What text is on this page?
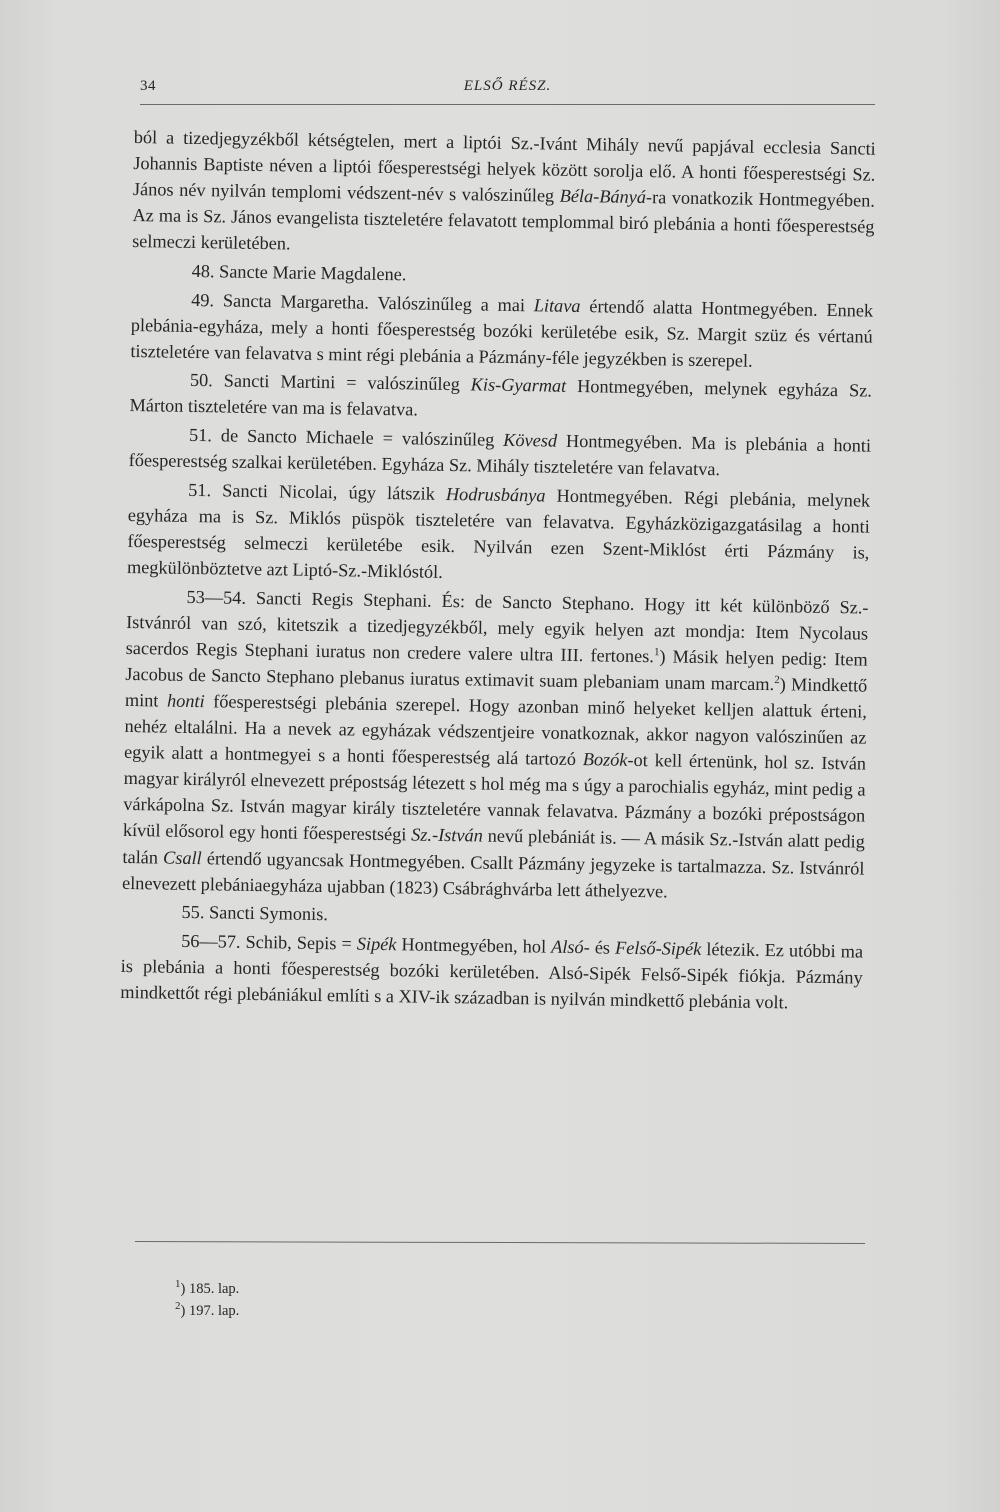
34	ELSŐ RÉSZ.

ból a tizedjegyzékből kétségtelen, mert a liptói Sz.-Ivánt Mihály nevű papjával ecclesia Sancti Johannis Baptiste néven a liptói főesperestségi helyek között sorolja elő. A honti főesperestségi Sz. János név nyilván templomi védszent-név s valószinűleg Béla-Bányá-ra vonatkozik Hontmegyében. Az ma is Sz. János evangelista tiszteletére felavatott templommal biró plebánia a honti főesperestség selmeczi kerületében.

48. Sancte Marie Magdalene.

49. Sancta Margaretha. Valószinűleg a mai Litava értendő alatta Hontmegyében. Ennek plebánia-egyháza, mely a honti főesperestség bozóki kerületébe esik, Sz. Margit szüz és vértanú tiszteletére van felavatva s mint régi plebánia a Pázmány-féle jegyzékben is szerepel.

50. Sancti Martini = valószinűleg Kis-Gyarmat Hontmegyében, melynek egyháza Sz. Márton tiszteletére van ma is felavatva.

51. de Sancto Michaele = valószinűleg Kövesd Hontmegyében. Ma is plebánia a honti főesperestség szalkai kerületében. Egyháza Sz. Mihály tiszteletére van felavatva.

51. Sancti Nicolai, úgy látszik Hodrusbánya Hontmegyében. Régi plebánia, melynek egyháza ma is Sz. Miklós püspök tiszteletére van felavatva. Egyházközigazgatásilag a honti főesperestség selmeczi kerületébe esik. Nyilván ezen Szent-Miklóst érti Pázmány is, megkülönböztetve azt Liptó-Sz.-Miklóstól.

53—54. Sancti Regis Stephani. És: de Sancto Stephano. Hogy itt két különböző Sz.-Istvánról van szó, kitetszik a tizedjegyzékből, mely egyik helyen azt mondja: Item Nycolaus sacerdos Regis Stephani iuratus non credere valere ultra III. fertones.$^1$) Másik helyen pedig: Item Jacobus de Sancto Stephano plebanus iuratus extimavit suam plebaniam unam marcam.$^2$) Mindkettő mint honti főesperestségi plebánia szerepel. Hogy azonban minő helyeket kelljen alattuk érteni, nehéz eltalálni. Ha a nevek az egyházak védszentjeire vonatkoznak, akkor nagyon valószinűen az egyik alatt a hontmegyei s a honti főesperestség alá tartozó Bozók-ot kell értenünk, hol sz. István magyar királyról elnevezett prépostság létezett s hol még ma s úgy a parochialis egyház, mint pedig a várkápolna Sz. István magyar király tiszteletére vannak felavatva. Pázmány a bozóki prépostságon kívül elősorol egy honti főesperestségi Sz.-István nevű plebániát is. — A másik Sz.-István alatt pedig talán Csall értendő ugyancsak Hontmegyében. Csallt Pázmány jegyzeke is tartalmazza. Sz. Istvánról elnevezett plebániaegyháza ujabban (1823) Csábrághvárba lett áthelyezve.

55. Sancti Symonis.

56—57. Schib, Sepis = Sipék Hontmegyében, hol Alsó- és Felső-Sipék létezik. Ez utóbbi ma is plebánia a honti főesperestség bozóki kerületében. Alsó-Sipék Felső-Sipék fiókja. Pázmány mindkettőt régi plebániákul említi s a XIV-ik században is nyilván mindkettő plebánia volt.

$^1$) 185. lap.
$^2$) 197. lap.
